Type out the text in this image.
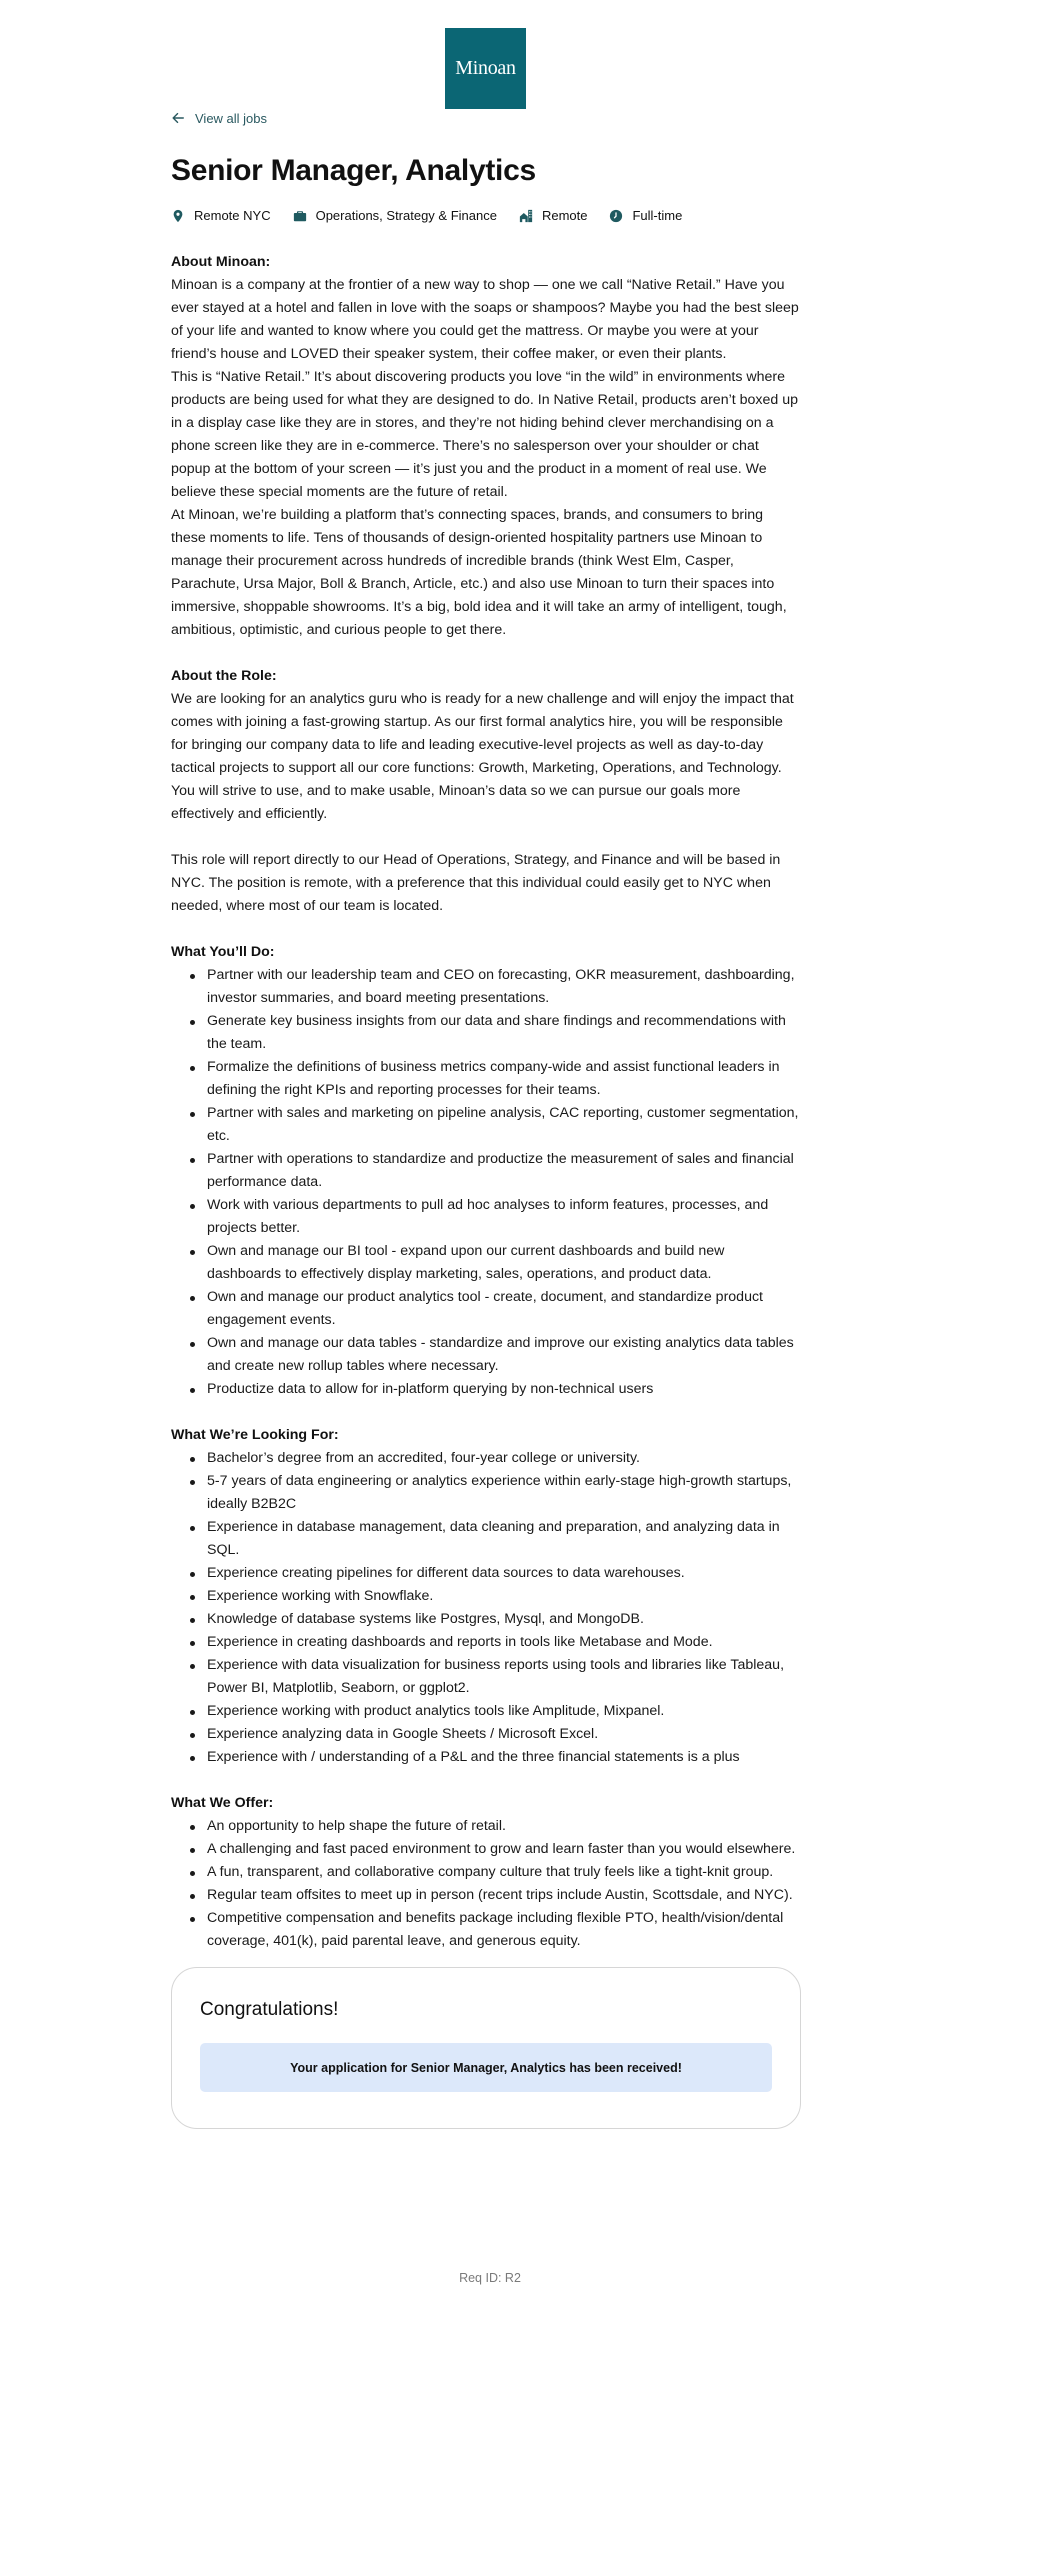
Minoan
View all jobs
Senior Manager, Analytics
Remote NYC	Operations, Strategy & Finance	Remote	Full-time

About Minoan:

Minoan is a company at the frontier of a new way to shop — one we call “Native Retail.” Have you ever stayed at a hotel and fallen in love with the soaps or shampoos? Maybe you had the best sleep of your life and wanted to know where you could get the mattress. Or maybe you were at your friend’s house and LOVED their speaker system, their coffee maker, or even their plants.

This is “Native Retail.” It’s about discovering products you love “in the wild” in environments where products are being used for what they are designed to do. In Native Retail, products aren’t boxed up in a display case like they are in stores, and they’re not hiding behind clever merchandising on a phone screen like they are in e-commerce. There’s no salesperson over your shoulder or chat popup at the bottom of your screen — it’s just you and the product in a moment of real use. We believe these special moments are the future of retail.

At Minoan, we’re building a platform that’s connecting spaces, brands, and consumers to bring these moments to life. Tens of thousands of design-oriented hospitality partners use Minoan to manage their procurement across hundreds of incredible brands (think West Elm, Casper, Parachute, Ursa Major, Boll & Branch, Article, etc.) and also use Minoan to turn their spaces into immersive, shoppable showrooms. It’s a big, bold idea and it will take an army of intelligent, tough, ambitious, optimistic, and curious people to get there.

About the Role:

We are looking for an analytics guru who is ready for a new challenge and will enjoy the impact that comes with joining a fast-growing startup. As our first formal analytics hire, you will be responsible for bringing our company data to life and leading executive-level projects as well as day-to-day tactical projects to support all our core functions: Growth, Marketing, Operations, and Technology. You will strive to use, and to make usable, Minoan’s data so we can pursue our goals more effectively and efficiently.

This role will report directly to our Head of Operations, Strategy, and Finance and will be based in NYC. The position is remote, with a preference that this individual could easily get to NYC when needed, where most of our team is located.

What You’ll Do:

Partner with our leadership team and CEO on forecasting, OKR measurement, dashboarding, investor summaries, and board meeting presentations.
Generate key business insights from our data and share findings and recommendations with the team.
Formalize the definitions of business metrics company-wide and assist functional leaders in defining the right KPIs and reporting processes for their teams.
Partner with sales and marketing on pipeline analysis, CAC reporting, customer segmentation, etc.
Partner with operations to standardize and productize the measurement of sales and financial performance data.
Work with various departments to pull ad hoc analyses to inform features, processes, and projects better.
Own and manage our BI tool - expand upon our current dashboards and build new dashboards to effectively display marketing, sales, operations, and product data.
Own and manage our product analytics tool - create, document, and standardize product engagement events.
Own and manage our data tables - standardize and improve our existing analytics data tables and create new rollup tables where necessary.
Productize data to allow for in-platform querying by non-technical users

What We’re Looking For:

Bachelor’s degree from an accredited, four-year college or university.
5-7 years of data engineering or analytics experience within early-stage high-growth startups, ideally B2B2C
Experience in database management, data cleaning and preparation, and analyzing data in SQL.
Experience creating pipelines for different data sources to data warehouses.
Experience working with Snowflake.
Knowledge of database systems like Postgres, Mysql, and MongoDB.
Experience in creating dashboards and reports in tools like Metabase and Mode.
Experience with data visualization for business reports using tools and libraries like Tableau, Power BI, Matplotlib, Seaborn, or ggplot2.
Experience working with product analytics tools like Amplitude, Mixpanel.
Experience analyzing data in Google Sheets / Microsoft Excel.
Experience with / understanding of a P&L and the three financial statements is a plus

What We Offer:

An opportunity to help shape the future of retail.
A challenging and fast paced environment to grow and learn faster than you would elsewhere.
A fun, transparent, and collaborative company culture that truly feels like a tight-knit group.
Regular team offsites to meet up in person (recent trips include Austin, Scottsdale, and NYC).
Competitive compensation and benefits package including flexible PTO, health/vision/dental coverage, 401(k), paid parental leave, and generous equity.
Congratulations!
Your application for Senior Manager, Analytics has been received!
Req ID: R2
